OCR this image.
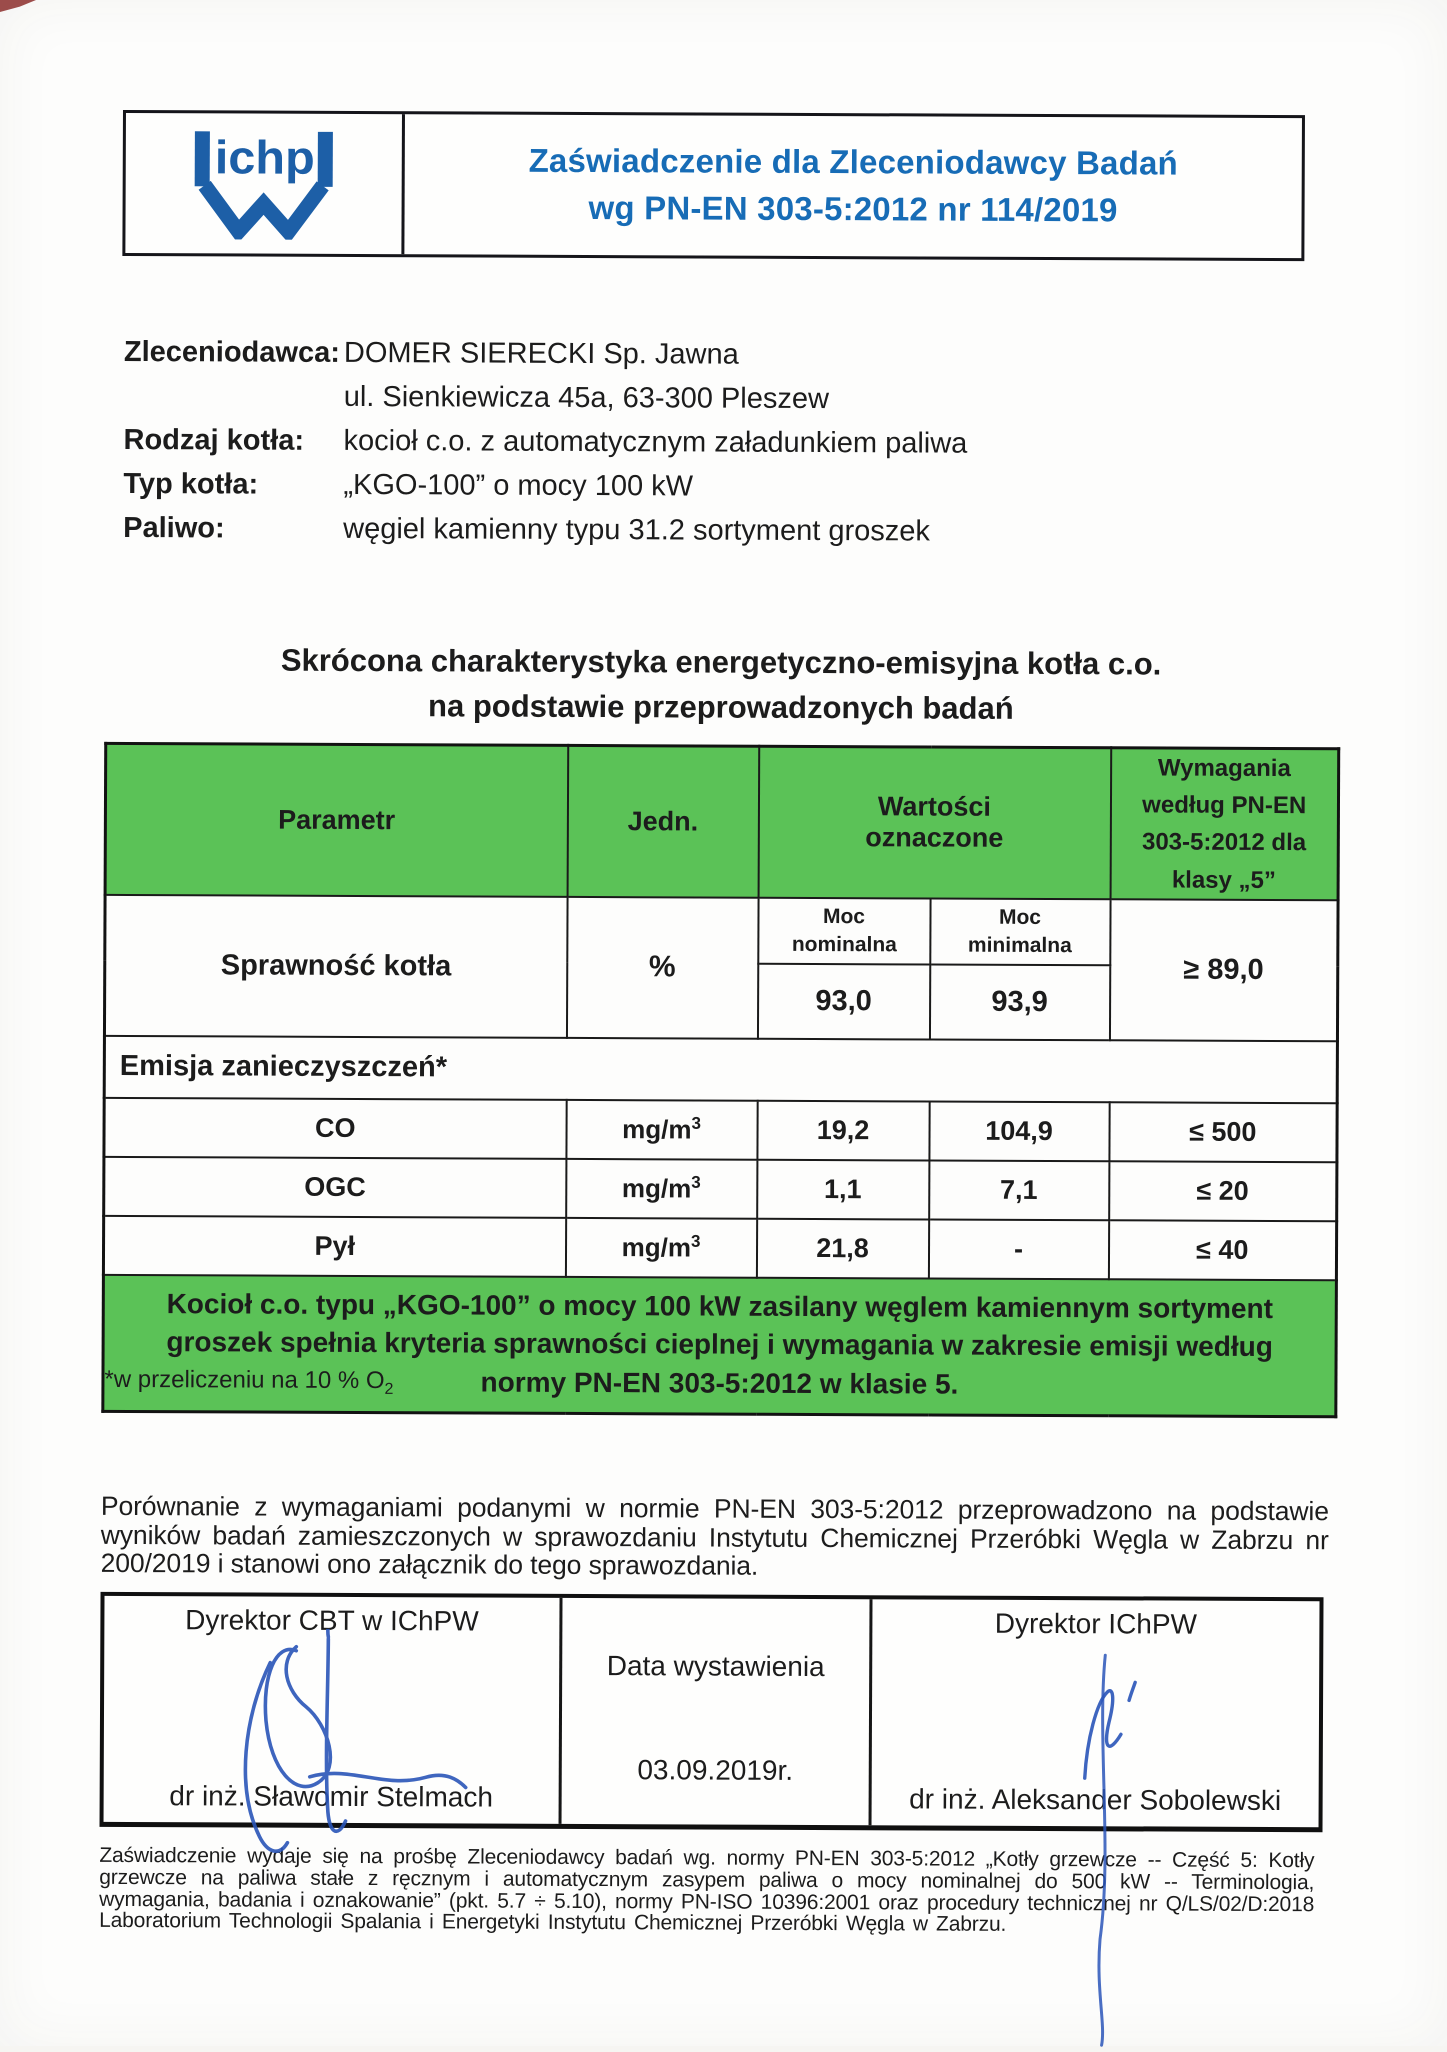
ichp	Zaświadczenie dla Zleceniodawcy Badań
wg PN-EN 303-5:2012 nr 114/2019
Zleceniodawca: DOMER SIERECKI Sp. Jawna
ul. Sienkiewicza 45a, 63-300 Pleszew
Rodzaj kotła:	kocioł c.o. z automatycznym załadunkiem paliwa
Typ kotła:	„KGO-100” o mocy 100 kW
Paliwo:	węgiel kamienny typu 31.2 sortyment groszek
Skrócona charakterystyka energetyczno-emisyjna kotła c.o.
na podstawie przeprowadzonych badań
Parametr	Jedn.	Wartości oznaczone		Wymagania według PN-EN 303-5:2012 dla klasy „5”
Sprawność kotła	%	Moc nominalna	Moc minimalna	≥ 89,0
		93,0	93,9	
Emisja zanieczyszczeń*				
CO	$mg/m^3$	19,2	104,9	≤ 500
OGC	$mg/m^3$	1,1	7,1	≤ 20
Pył	$mg/m^3$	21,8	-	≤ 40
Kocioł c.o. typu „KGO-100” o mocy 100 kW zasilany węglem kamiennym sortyment groszek spełnia kryteria sprawności cieplnej i wymagania w zakresie emisji według normy PN-EN 303-5:2012 w klasie 5.				
*w przeliczeniu na 10 % $O_2$
Porównanie z wymaganiami podanymi w normie PN-EN 303-5:2012 przeprowadzono na podstawie wyników badań zamieszczonych w sprawozdaniu Instytutu Chemicznej Przeróbki Węgla w Zabrzu nr 200/2019 i stanowi ono załącznik do tego sprawozdania.
Dyrektor CBT w IChPW
dr inż. Sławomir Stelmach
Data wystawienia
03.09.2019r.
Dyrektor IChPW
dr inż. Aleksander Sobolewski
Zaświadczenie wydaje się na prośbę Zleceniodawcy badań wg. normy PN-EN 303-5:2012 „Kotły grzewcze -- Część 5: Kotły grzewcze na paliwa stałe z ręcznym i automatycznym zasypem paliwa o mocy nominalnej do 500 kW -- Terminologia, wymagania, badania i oznakowanie” (pkt. 5.7 ÷ 5.10), normy PN-ISO 10396:2001 oraz procedury technicznej nr Q/LS/02/D:2018 Laboratorium Technologii Spalania i Energetyki Instytutu Chemicznej Przeróbki Węgla w Zabrzu.
